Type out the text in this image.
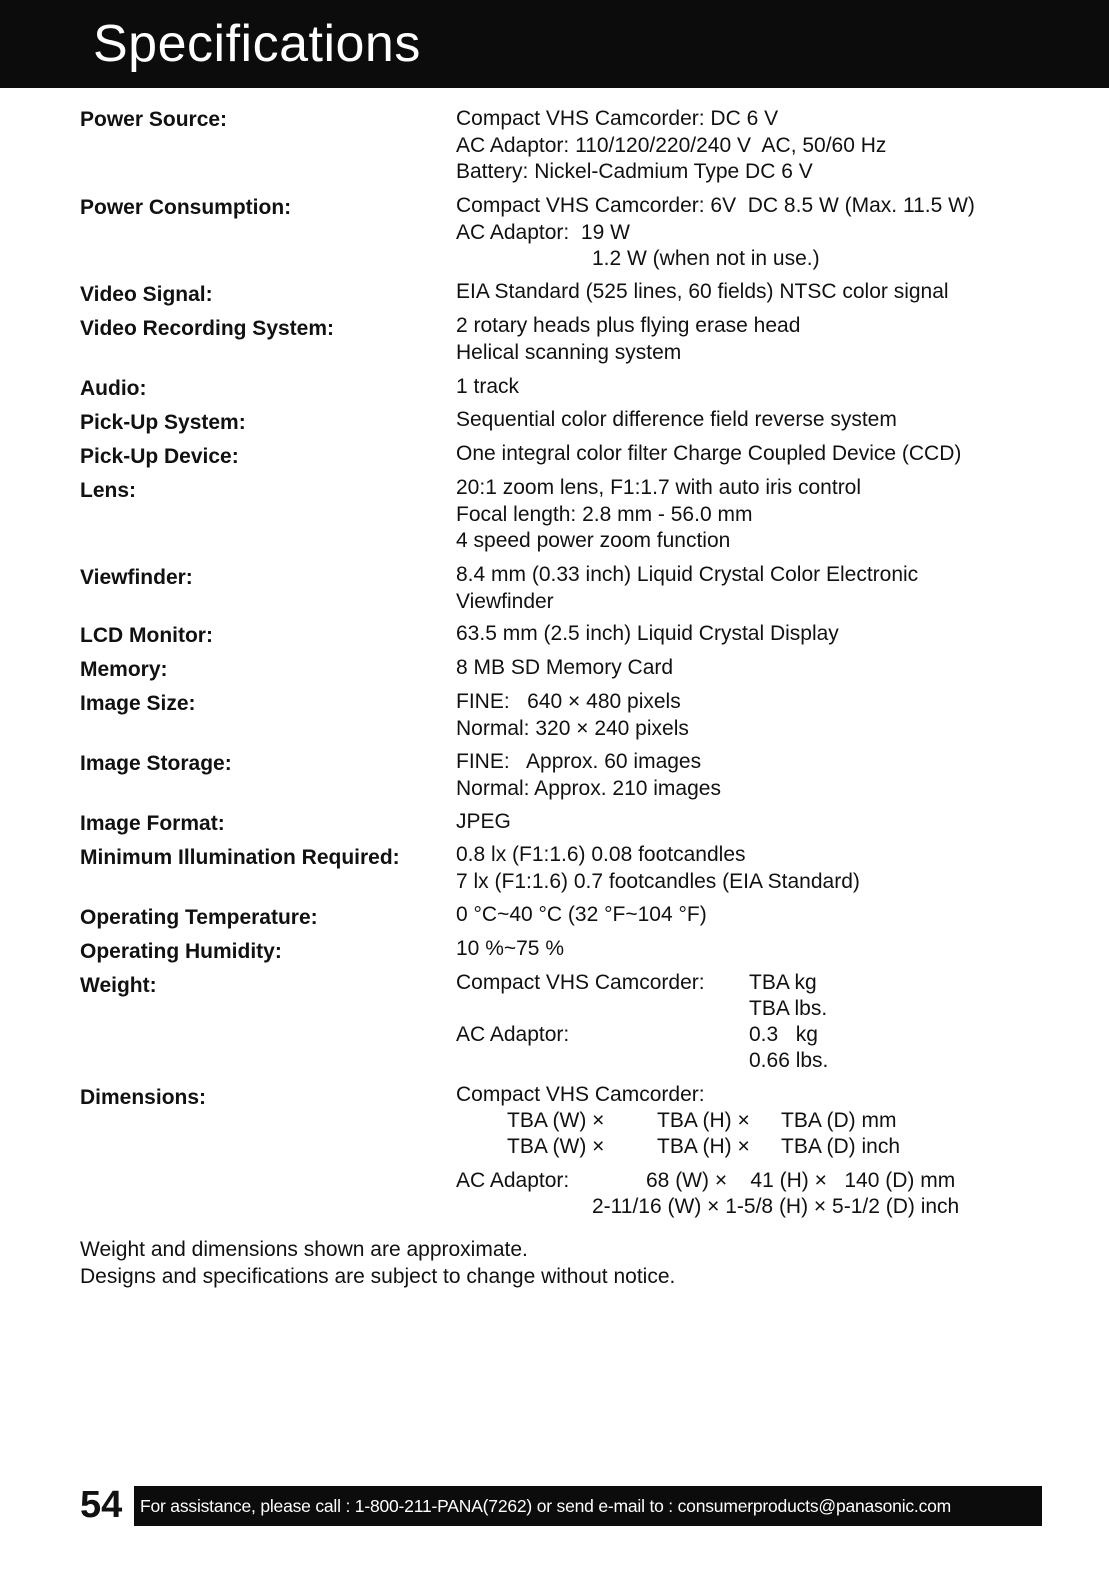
Specifications
Power Source:	Compact VHS Camcorder: DC 6 V
AC Adaptor: 110/120/220/240 V  AC, 50/60 Hz
Battery: Nickel-Cadmium Type DC 6 V
Power Consumption:	Compact VHS Camcorder: 6V  DC 8.5 W (Max. 11.5 W)
AC Adaptor:  19 W
1.2 W (when not in use.)
Video Signal:	EIA Standard (525 lines, 60 fields) NTSC color signal
Video Recording System:	2 rotary heads plus flying erase head
Helical scanning system
Audio:	1 track
Pick-Up System:	Sequential color difference field reverse system
Pick-Up Device:	One integral color filter Charge Coupled Device (CCD)
Lens:	20:1 zoom lens, F1:1.7 with auto iris control
Focal length: 2.8 mm - 56.0 mm
4 speed power zoom function
Viewfinder:	8.4 mm (0.33 inch) Liquid Crystal Color Electronic
Viewfinder
LCD Monitor:	63.5 mm (2.5 inch) Liquid Crystal Display
Memory:	8 MB SD Memory Card
Image Size:	FINE:   640 × 480 pixels
Normal: 320 × 240 pixels
Image Storage:	FINE:   Approx. 60 images
Normal: Approx. 210 images
Image Format:	JPEG
Minimum Illumination Required:	0.8 lx (F1:1.6) 0.08 footcandles
7 lx (F1:1.6) 0.7 footcandles (EIA Standard)
Operating Temperature:	0 °C~40 °C (32 °F~104 °F)
Operating Humidity:	10 %~75 %
Weight:	Compact VHS Camcorder: TBA kg
TBA lbs.
AC Adaptor:	0.3   kg
0.66 lbs.
Dimensions:	Compact VHS Camcorder:
TBA (W) ×	TBA (H) × TBA (D) mm
TBA (W) ×	TBA (H) × TBA (D) inch
AC Adaptor:	68 (W) ×    41 (H) ×   140 (D) mm
2-11/16 (W) × 1-5/8 (H) × 5-1/2 (D) inch
Weight and dimensions shown are approximate.
Designs and specifications are subject to change without notice.
54	For assistance, please call : 1-800-211-PANA(7262) or send e-mail to : consumerproducts@panasonic.com
